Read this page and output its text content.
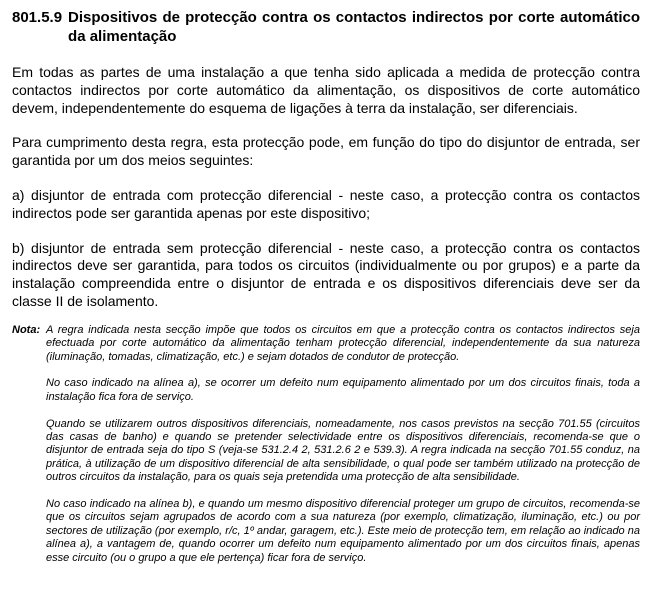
801.5.9 Dispositivos de protecção contra os contactos indirectos por corte automático da alimentação

Em todas as partes de uma instalação a que tenha sido aplicada a medida de protecção contra contactos indirectos por corte automático da alimentação, os dispositivos de corte automático devem, independentemente do esquema de ligações à terra da instalação, ser diferenciais.

Para cumprimento desta regra, esta protecção pode, em função do tipo do disjuntor de entrada, ser garantida por um dos meios seguintes:

a) disjuntor de entrada com protecção diferencial - neste caso, a protecção contra os contactos indirectos pode ser garantida apenas por este dispositivo;

b) disjuntor de entrada sem protecção diferencial - neste caso, a protecção contra os contactos indirectos deve ser garantida, para todos os circuitos (individualmente ou por grupos) e a parte da instalação compreendida entre o disjuntor de entrada e os dispositivos diferenciais deve ser da classe II de isolamento.

Nota: A regra indicada nesta secção impõe que todos os circuitos em que a protecção contra os contactos indirectos seja efectuada por corte automático da alimentação tenham protecção diferencial, independentemente da sua natureza (iluminação, tomadas, climatização, etc.) e sejam dotados de condutor de protecção.

No caso indicado na alínea a), se ocorrer um defeito num equipamento alimentado por um dos circuitos finais, toda a instalação fica fora de serviço.

Quando se utilizarem outros dispositivos diferenciais, nomeadamente, nos casos previstos na secção 701.55 (circuitos das casas de banho) e quando se pretender selectividade entre os dispositivos diferenciais, recomenda-se que o disjuntor de entrada seja do tipo S (veja-se 531.2.4 2, 531.2.6 2 e 539.3). A regra indicada na secção 701.55 conduz, na prática, à utilização de um dispositivo diferencial de alta sensibilidade, o qual pode ser também utilizado na protecção de outros circuitos da instalação, para os quais seja pretendida uma protecção de alta sensibilidade.

No caso indicado na alínea b), e quando um mesmo dispositivo diferencial proteger um grupo de circuitos, recomenda-se que os circuitos sejam agrupados de acordo com a sua natureza (por exemplo, climatização, iluminação, etc.) ou por sectores de utilização (por exemplo, r/c, 1º andar, garagem, etc.). Este meio de protecção tem, em relação ao indicado na alínea a), a vantagem de, quando ocorrer um defeito num equipamento alimentado por um dos circuitos finais, apenas esse circuito (ou o grupo a que ele pertença) ficar fora de serviço.
